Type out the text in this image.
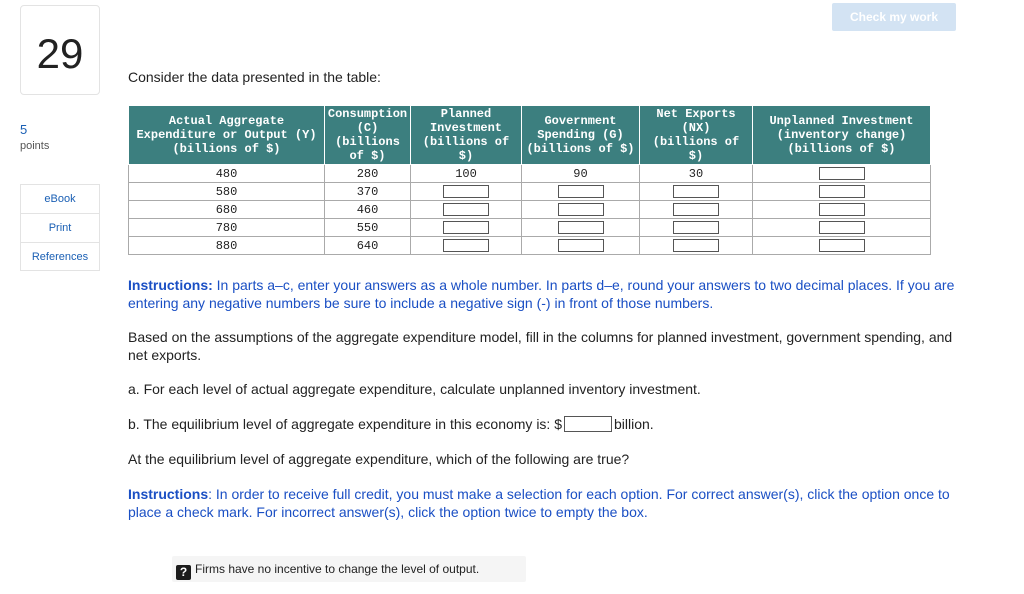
29
5
points
eBook
Print
References
Check my work
Consider the data presented in the table:
Actual Aggregate
Expenditure or Output (Y)
(billions of $)	Consumption
(C)
(billions
of $)	Planned
Investment
(billions of
$)	Government
Spending (G)
(billions of $)	Net Exports
(NX)
(billions of
$)	Unplanned Investment
(inventory change)
(billions of $)
480	280	100	90	30	
580	370				
680	460				
780	550				
880	640				
Instructions: In parts a–c, enter your answers as a whole number. In parts d–e, round your answers to two decimal places. If you are entering any negative numbers be sure to include a negative sign (-) in front of those numbers.
Based on the assumptions of the aggregate expenditure model, fill in the columns for planned investment, government spending, and net exports.
a. For each level of actual aggregate expenditure, calculate unplanned inventory investment.
b. The equilibrium level of aggregate expenditure in this economy is: $	billion.
At the equilibrium level of aggregate expenditure, which of the following are true?
Instructions: In order to receive full credit, you must make a selection for each option. For correct answer(s), click the option once to place a check mark. For incorrect answer(s), click the option twice to empty the box.
? Firms have no incentive to change the level of output.
